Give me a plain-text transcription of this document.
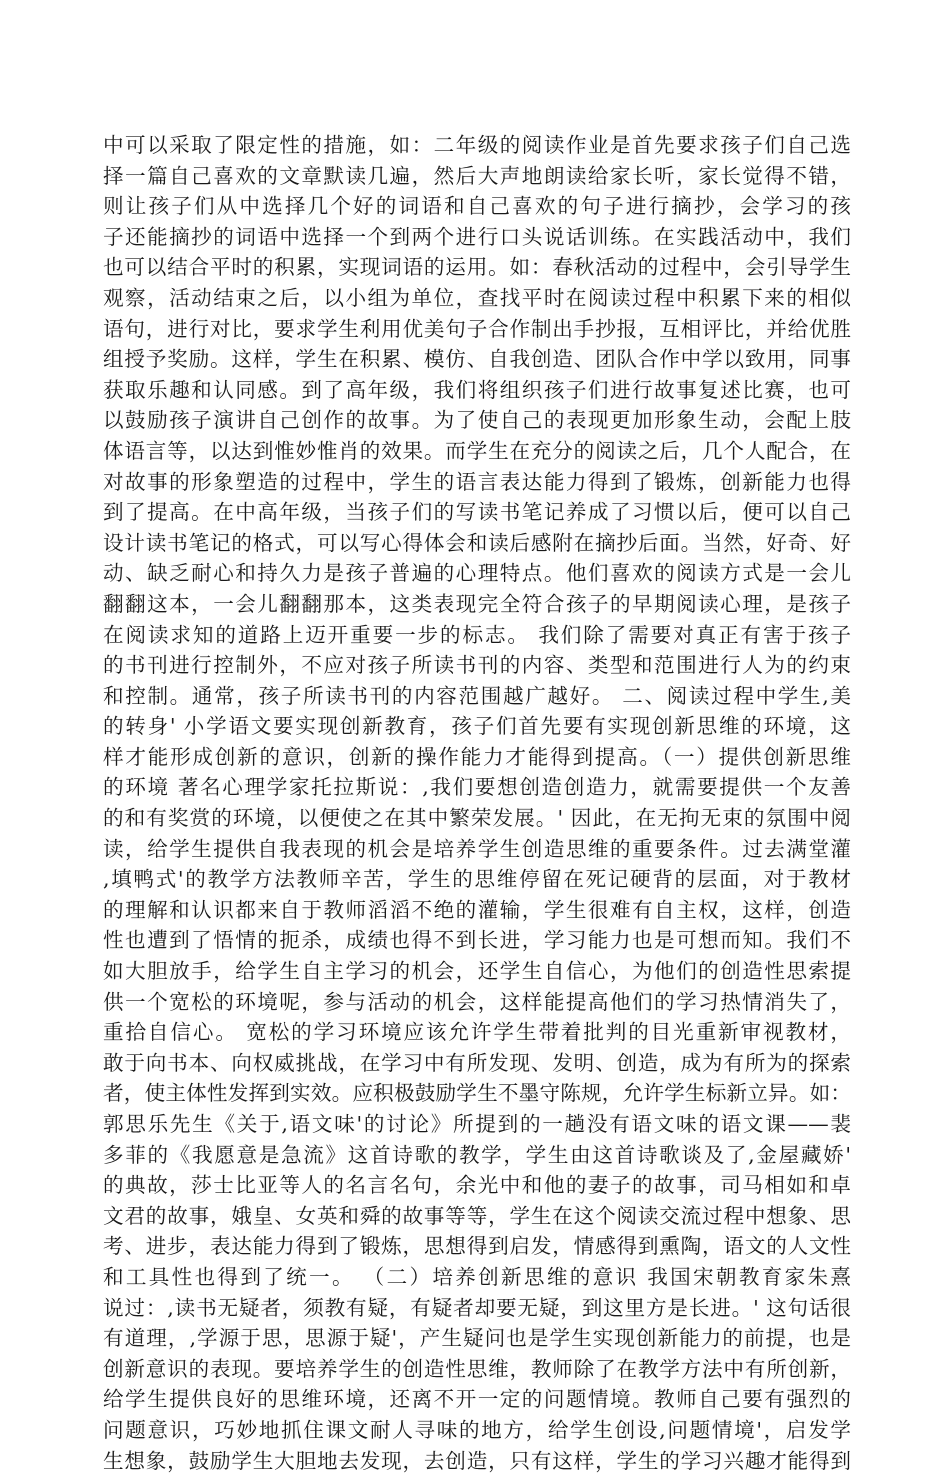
中可以采取了限定性的措施，如：二年级的阅读作业是首先要求孩子们自己选
择一篇自己喜欢的文章默读几遍，然后大声地朗读给家长听，家长觉得不错，
则让孩子们从中选择几个好的词语和自己喜欢的句子进行摘抄，会学习的孩
子还能摘抄的词语中选择一个到两个进行口头说话训练。在实践活动中，我们
也可以结合平时的积累，实现词语的运用。如：春秋活动的过程中，会引导学生
观察，活动结束之后，以小组为单位，查找平时在阅读过程中积累下来的相似
语句，进行对比，要求学生利用优美句子合作制出手抄报，互相评比，并给优胜
组授予奖励。这样，学生在积累、模仿、自我创造、团队合作中学以致用，同事
获取乐趣和认同感。到了高年级，我们将组织孩子们进行故事复述比赛，也可
以鼓励孩子演讲自己创作的故事。为了使自己的表现更加形象生动，会配上肢
体语言等，以达到惟妙惟肖的效果。而学生在充分的阅读之后，几个人配合，在
对故事的形象塑造的过程中，学生的语言表达能力得到了锻炼，创新能力也得
到了提高。在中高年级，当孩子们的写读书笔记养成了习惯以后，便可以自己
设计读书笔记的格式，可以写心得体会和读后感附在摘抄后面。当然，好奇、好
动、缺乏耐心和持久力是孩子普遍的心理特点。他们喜欢的阅读方式是一会儿
翻翻这本，一会儿翻翻那本，这类表现完全符合孩子的早期阅读心理，是孩子
在阅读求知的道路上迈开重要一步的标志。 我们除了需要对真正有害于孩子
的书刊进行控制外，不应对孩子所读书刊的内容、类型和范围进行人为的约束
和控制。通常，孩子所读书刊的内容范围越广越好。 二、阅读过程中学生,美
的转身' 小学语文要实现创新教育，孩子们首先要有实现创新思维的环境，这
样才能形成创新的意识，创新的操作能力才能得到提高。（一）提供创新思维
的环境 著名心理学家托拉斯说：,我们要想创造创造力，就需要提供一个友善
的和有奖赏的环境，以便使之在其中繁荣发展。' 因此，在无拘无束的氛围中阅
读，给学生提供自我表现的机会是培养学生创造思维的重要条件。过去满堂灌
,填鸭式'的教学方法教师辛苦，学生的思维停留在死记硬背的层面，对于教材
的理解和认识都来自于教师滔滔不绝的灌输，学生很难有自主权，这样，创造
性也遭到了悟情的扼杀，成绩也得不到长进，学习能力也是可想而知。我们不
如大胆放手，给学生自主学习的机会，还学生自信心，为他们的创造性思索提
供一个宽松的环境呢，参与活动的机会，这样能提高他们的学习热情消失了，
重拾自信心。 宽松的学习环境应该允许学生带着批判的目光重新审视教材，
敢于向书本、向权威挑战，在学习中有所发现、发明、创造，成为有所为的探索
者，使主体性发挥到实效。应积极鼓励学生不墨守陈规，允许学生标新立异。如：
郭思乐先生《关于,语文味'的讨论》所提到的一趟没有语文味的语文课——裴
多菲的《我愿意是急流》这首诗歌的教学，学生由这首诗歌谈及了,金屋藏娇'
的典故，莎士比亚等人的名言名句，余光中和他的妻子的故事，司马相如和卓
文君的故事，娥皇、女英和舜的故事等等，学生在这个阅读交流过程中想象、思
考、进步，表达能力得到了锻炼，思想得到启发，情感得到熏陶，语文的人文性
和工具性也得到了统一。 （二）培养创新思维的意识 我国宋朝教育家朱熹
说过：,读书无疑者，须教有疑，有疑者却要无疑，到这里方是长进。' 这句话很
有道理，,学源于思，思源于疑'，产生疑问也是学生实现创新能力的前提，也是
创新意识的表现。要培养学生的创造性思维，教师除了在教学方法中有所创新，
给学生提供良好的思维环境，还离不开一定的问题情境。教师自己要有强烈的
问题意识，巧妙地抓住课文耐人寻味的地方，给学生创设,问题情境'，启发学
生想象，鼓励学生大胆地去发现，去创造，只有这样，学生的学习兴趣才能得到
